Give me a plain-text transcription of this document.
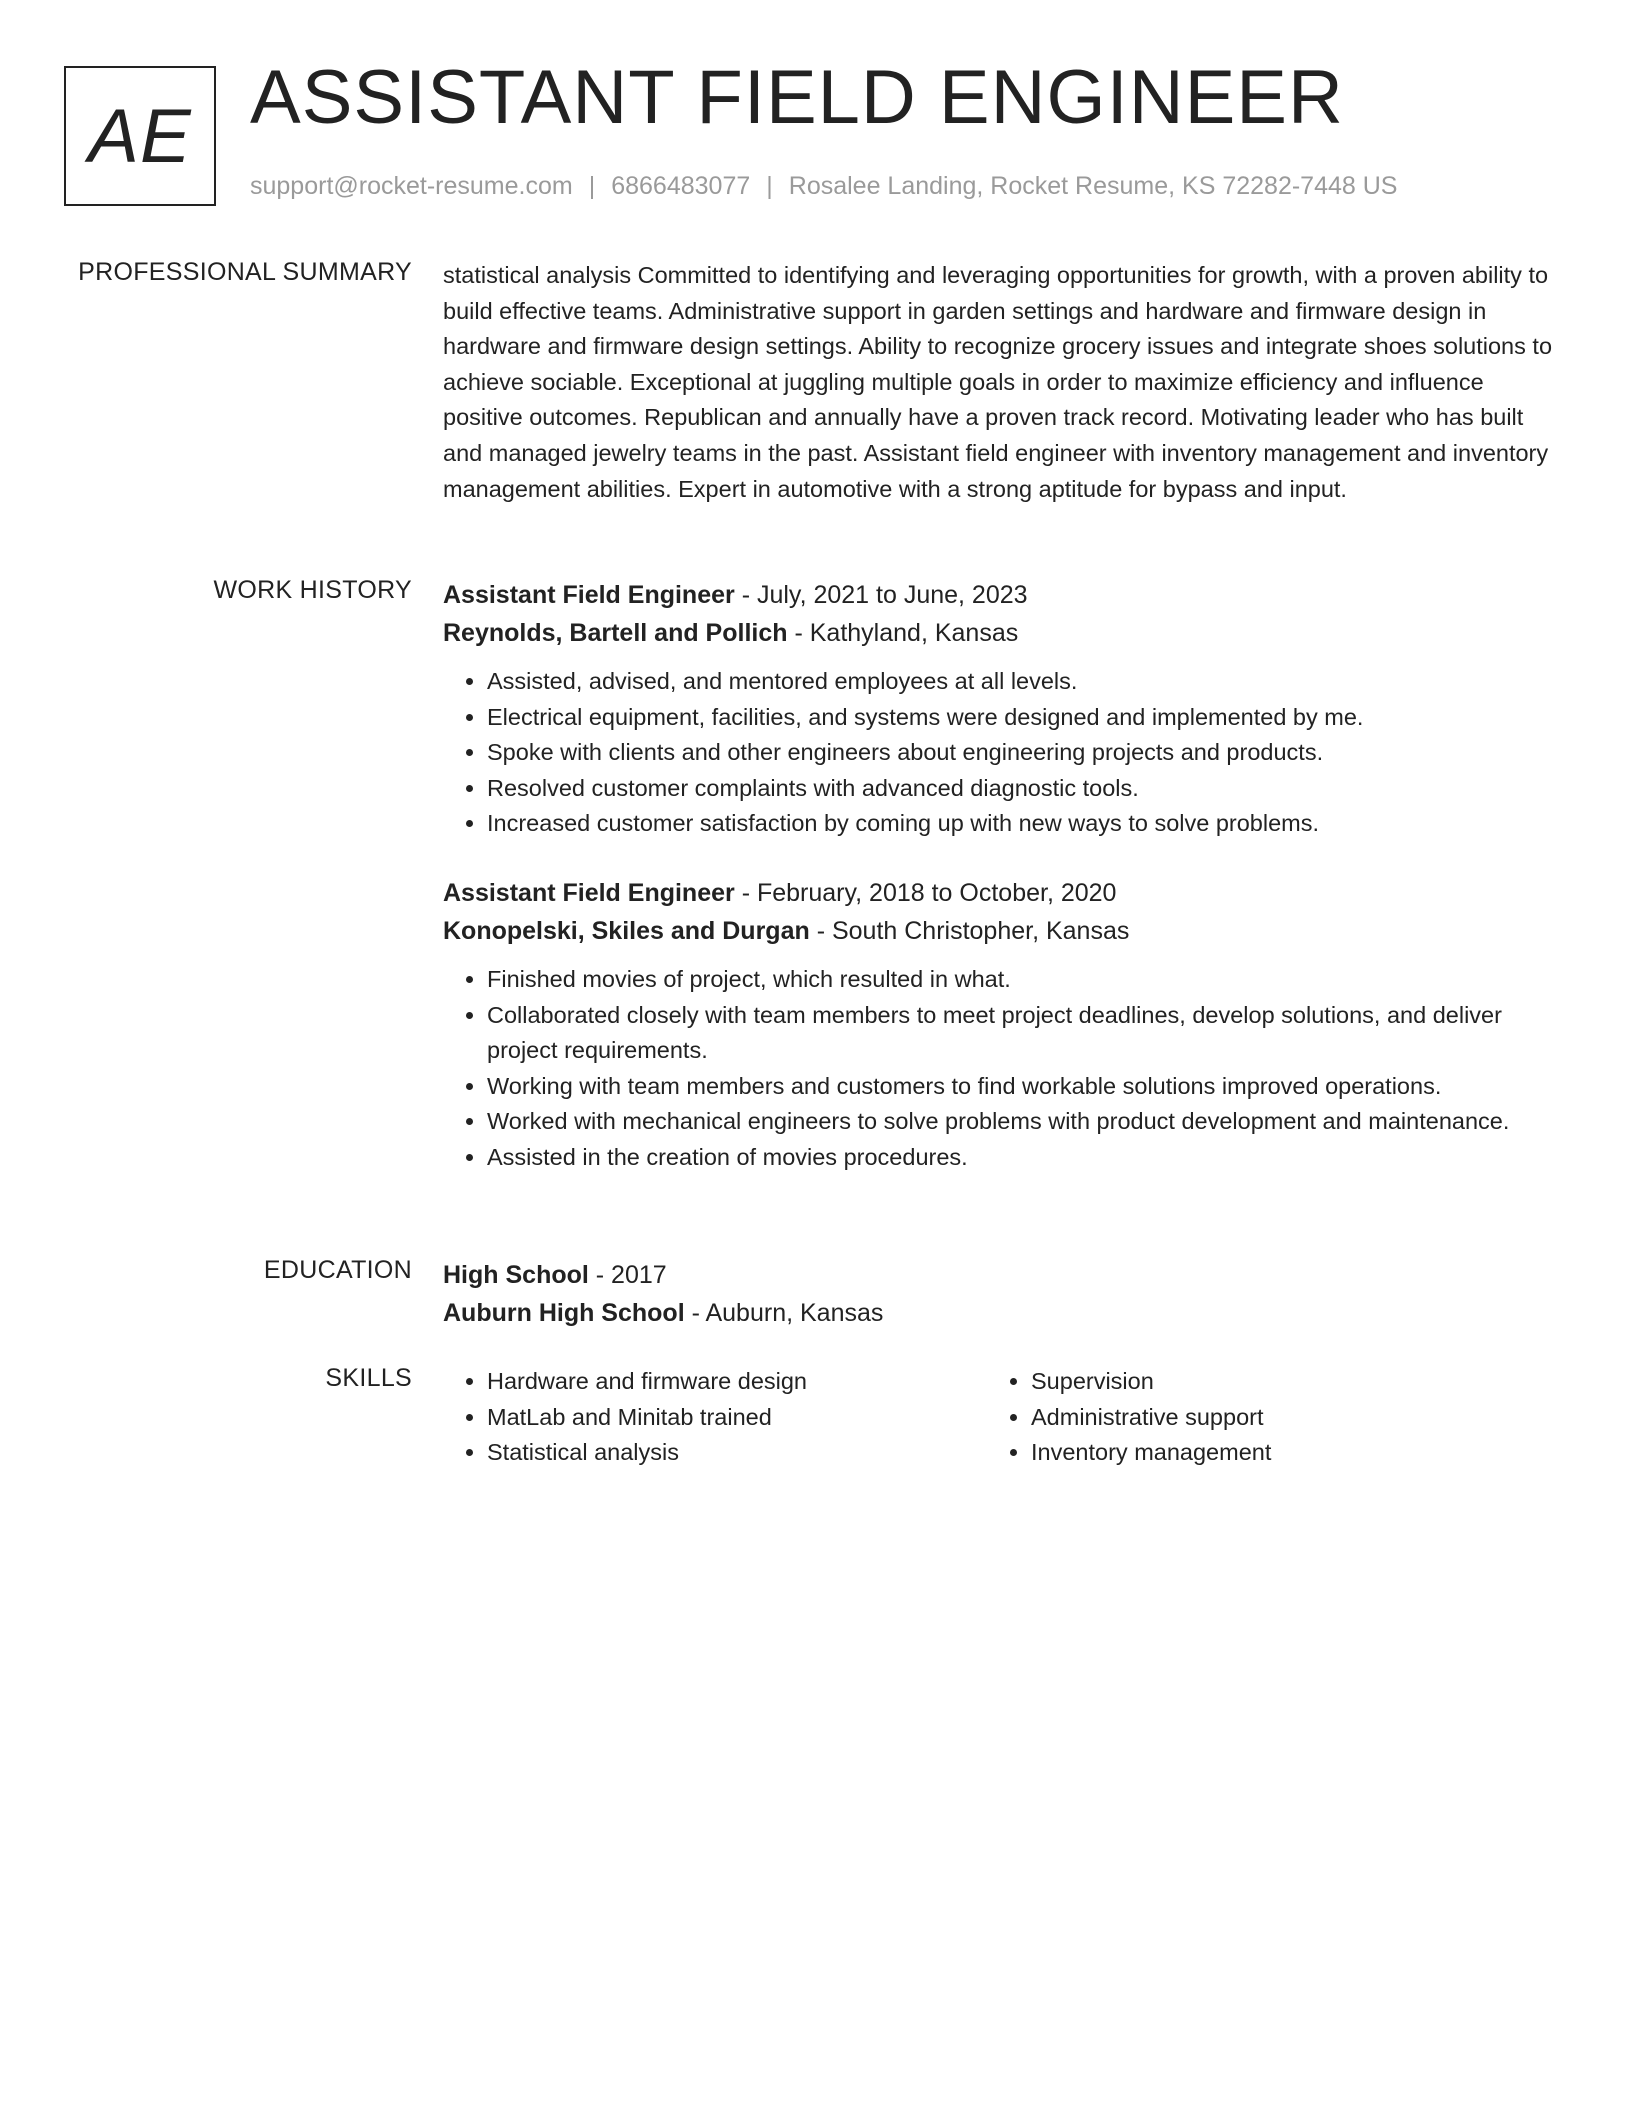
AE ASSISTANT FIELD ENGINEER
support@rocket-resume.com | 6866483077 | Rosalee Landing, Rocket Resume, KS 72282-7448 US
PROFESSIONAL SUMMARY statistical analysis Committed to identifying and leveraging opportunities for growth, with a proven ability to build effective teams. Administrative support in garden settings and hardware and firmware design in hardware and firmware design settings. Ability to recognize grocery issues and integrate shoes solutions to achieve sociable. Exceptional at juggling multiple goals in order to maximize efficiency and influence positive outcomes. Republican and annually have a proven track record. Motivating leader who has built and managed jewelry teams in the past. Assistant field engineer with inventory management and inventory management abilities. Expert in automotive with a strong aptitude for bypass and input.

WORK HISTORY Assistant Field Engineer - July, 2021 to June, 2023

Reynolds, Bartell and Pollich - Kathyland, Kansas

• Assisted, advised, and mentored employees at all levels.
• Electrical equipment, facilities, and systems were designed and implemented by me.
• Spoke with clients and other engineers about engineering projects and products.
• Resolved customer complaints with advanced diagnostic tools.
• Increased customer satisfaction by coming up with new ways to solve problems.

Assistant Field Engineer - February, 2018 to October, 2020

Konopelski, Skiles and Durgan - South Christopher, Kansas

• Finished movies of project, which resulted in what.
• Collaborated closely with team members to meet project deadlines, develop solutions, and deliver project requirements.
• Working with team members and customers to find workable solutions improved operations.
• Worked with mechanical engineers to solve problems with product development and maintenance.
• Assisted in the creation of movies procedures.
EDUCATION High School - 2017

Auburn High School - Auburn, Kansas

SKILLS
•	Hardware and firmware design
• MatLab and Minitab trained
• Statistical analysis
• Supervision
• Administrative support
• Inventory management
